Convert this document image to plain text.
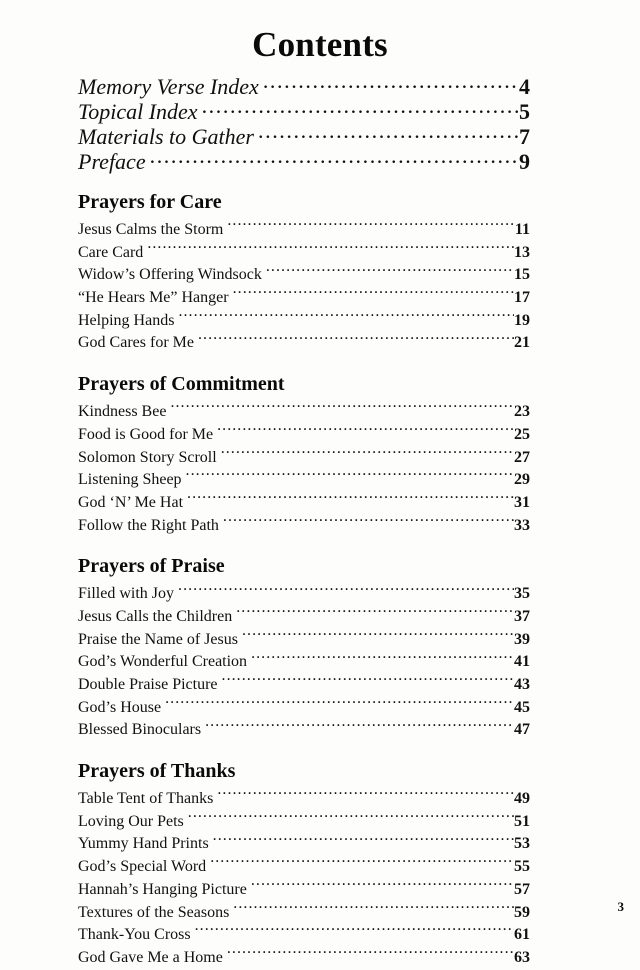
Contents
Memory Verse Index .....	4
Topical Index .....	5
Materials to Gather .....	7
Preface .....	9
Prayers for Care
Jesus Calms the Storm .....	11
Care Card .....	13
Widow’s Offering Windsock .....	15
“He Hears Me” Hanger .....	17
Helping Hands .....	19
God Cares for Me .....	21
Prayers of Commitment
Kindness Bee .....	23
Food is Good for Me .....	25
Solomon Story Scroll .....	27
Listening Sheep .....	29
God ‘N’ Me Hat .....	31
Follow the Right Path .....	33
Prayers of Praise
Filled with Joy .....	35
Jesus Calls the Children .....	37
Praise the Name of Jesus .....	39
God’s Wonderful Creation .....	41
Double Praise Picture .....	43
God’s House .....	45
Blessed Binoculars .....	47
Prayers of Thanks
Table Tent of Thanks .....	49
Loving Our Pets .....	51
Yummy Hand Prints .....	53
God’s Special Word .....	55
Hannah’s Hanging Picture .....	57
Textures of the Seasons .....	59
Thank-You Cross .....	61
God Gave Me a Home .....	63
3
